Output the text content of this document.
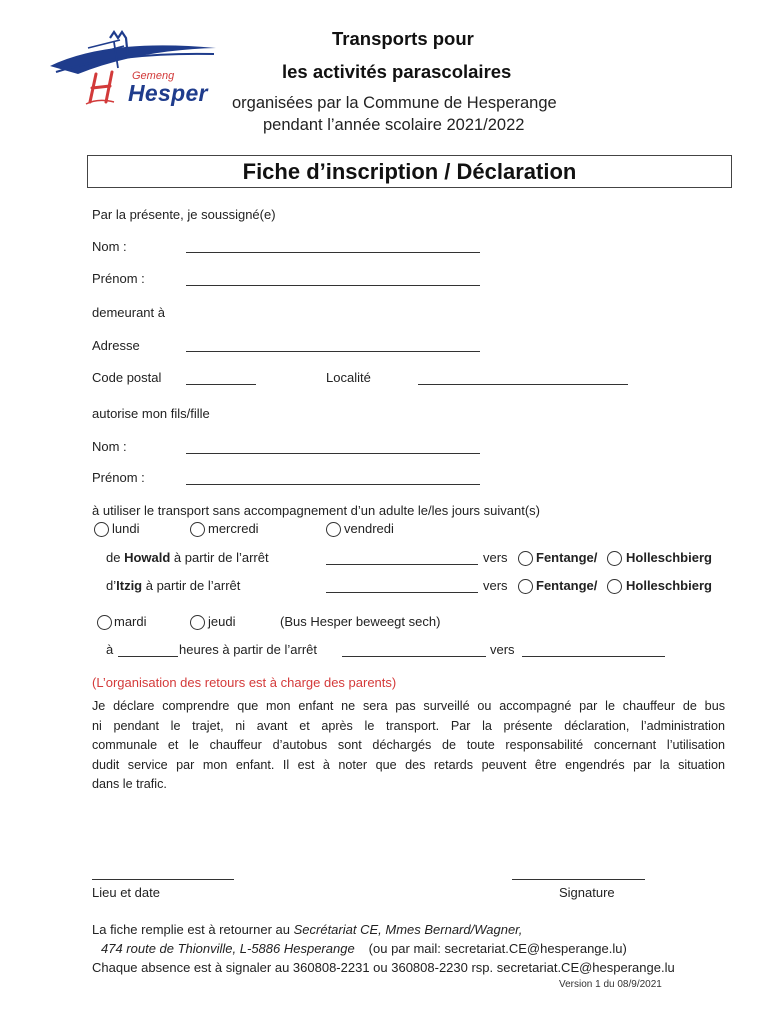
Gemeng
Hesper
Transports pour
les activités parascolaires
organisées par la Commune de Hesperange
pendant l’année scolaire 2021/2022
Fiche d’inscription / Déclaration
Par la présente, je soussigné(e)
Nom :
Prénom :
demeurant à
Adresse
Code postal	Localité
autorise mon fils/fille
Nom :
Prénom :
à utiliser le transport sans accompagnement d’un adulte le/les jours suivant(s)
lundi	mercredi	vendredi
de Howald à partir de l’arrêt	vers Fentange/ Holleschbierg
d’Itzig à partir de l’arrêt	vers Fentange/ Holleschbierg
mardi	jeudi	(Bus Hesper beweegt sech)
à	heures à partir de l’arrêt	vers
(L’organisation des retours est à charge des parents)
Je déclare comprendre que mon enfant ne sera pas surveillé ou accompagné par le chauffeur de bus
ni pendant le trajet, ni avant et après le transport. Par la présente déclaration, l’administration
communale et le chauffeur d’autobus sont déchargés de toute responsabilité concernant l’utilisation
dudit service par mon enfant. Il est à noter que des retards peuvent être engendrés par la situation
dans le trafic.
Lieu et date	Signature
La fiche remplie est à retourner au Secrétariat CE, Mmes Bernard/Wagner,
474 route de Thionville, L-5886 Hesperange (ou par mail: secretariat.CE@hesperange.lu)
Chaque absence est à signaler au 360808-2231 ou 360808-2230 rsp. secretariat.CE@hesperange.lu
Version 1 du 08/9/2021
